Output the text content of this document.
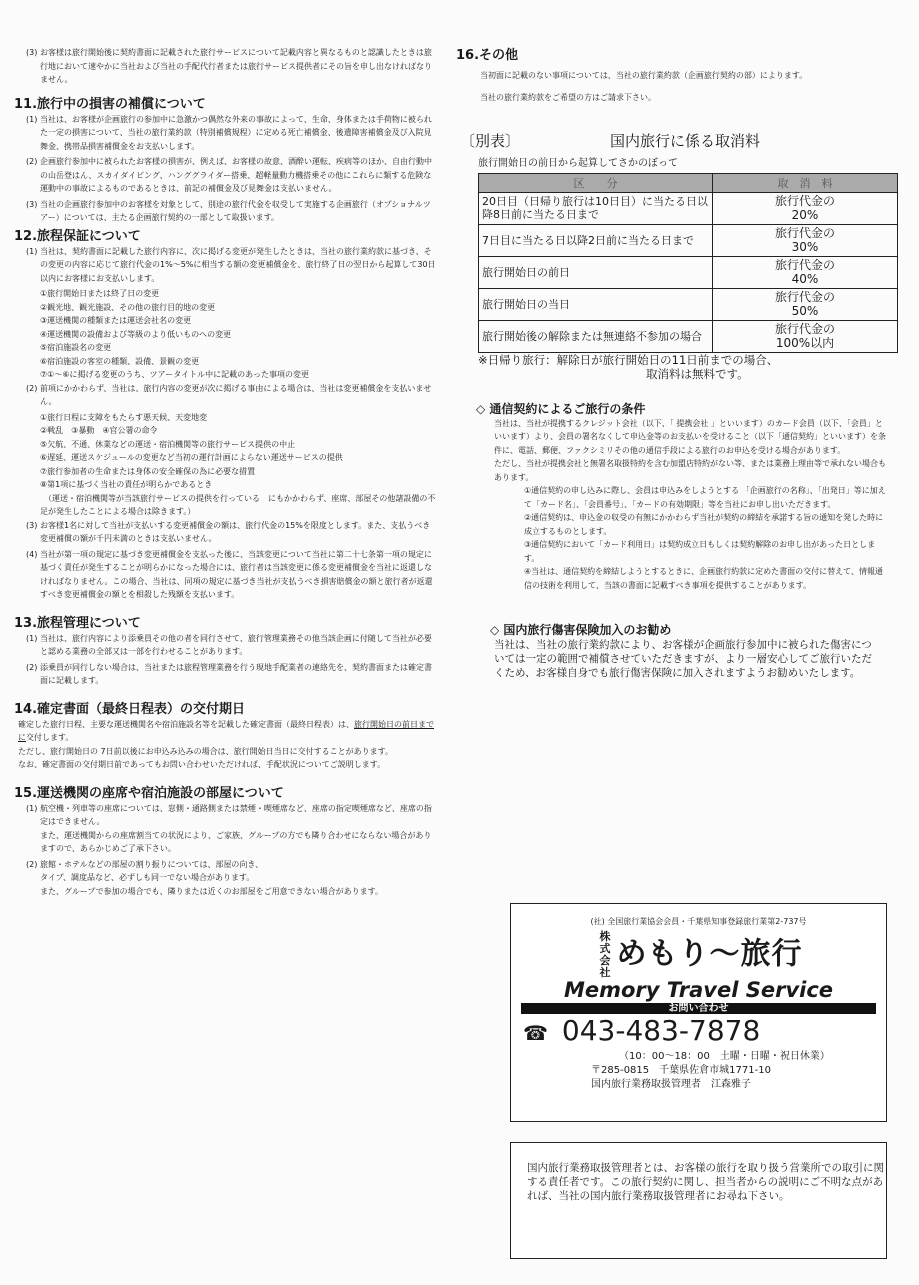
(3) お客様は旅行開始後に契約書面に記載された旅行サービスについて記載内容と異なるものと認識したときは旅行地において速やかに当社および当社の手配代行者または旅行サービス提供者にその旨を申し出なければなりません。
11.旅行中の損害の補償について
(1) 当社は、お客様が企画旅行の参加中に急激かつ偶然な外来の事故によって、生命、身体または手荷物に被られた一定の損害について、当社の旅行業約款（特別補償規程）に定める死亡補償金、後遺障害補償金及び入院見舞金、携帯品損害補償金をお支払いします。
(2) 企画旅行参加中に被られたお客様の損害が、例えば、お客様の故意、酒酔い運転、疾病等のほか、自由行動中の山岳登はん、スカイダイビング、ハンググライダー搭乗、超軽量動力機搭乗その他にこれらに類する危険な運動中の事故によるものであるときは、前記の補償金及び見舞金は支払いません。
(3) 当社の企画旅行参加中のお客様を対象として、別途の旅行代金を収受して実施する企画旅行（オプショナルツアー）については、主たる企画旅行契約の一部として取扱います。
12.旅程保証について
(1) 当社は、契約書面に記載した旅行内容に、次に掲げる変更が発生したときは、当社の旅行業約款に基づき、その変更の内容に応じて旅行代金の1%～5%に相当する額の変更補償金を、旅行終了日の翌日から起算して30日以内にお客様にお支払いします。
①旅行開始日または終了日の変更
②観光地、観光施設、その他の旅行目的地の変更
③運送機関の種類または運送会社名の変更
④運送機関の設備および等級のより低いものへの変更
⑤宿泊施設名の変更
⑥宿泊施設の客室の種類、設備、景観の変更
⑦①～⑥に掲げる変更のうち、ツアータイトル中に記載のあった事項の変更
(2) 前項にかかわらず、当社は、旅行内容の変更が次に掲げる事由による場合は、当社は変更補償金を支払いません。
①旅行日程に支障をもたらす悪天候、天変地変
②戦乱　③暴動　④官公署の命令
⑤欠航、不通、休業などの運送・宿泊機関等の旅行サービス提供の中止
⑥遅延、運送スケジュールの変更など当初の運行計画によらない運送サービスの提供
⑦旅行参加者の生命または身体の安全確保の為に必要な措置
⑧第1項に基づく当社の責任が明らかであるとき
　（運送・宿泊機関等が当該旅行サービスの提供を行っている　にもかかわらず、座席、部屋その他諸設備の不足が発生したことによる場合は除きます。）
(3) お客様1名に対して当社が支払いする変更補償金の額は、旅行代金の15%を限度とします。また、支払うべき変更補償の額が千円未満のときは支払いません。
(4) 当社が第一項の規定に基づき変更補償金を支払った後に、当該変更について当社に第二十七条第一項の規定に基づく責任が発生することが明らかになった場合には、旅行者は当該変更に係る変更補償金を当社に返還しなければなりません。この場合、当社は、同項の規定に基づき当社が支払うべき損害賠償金の額と旅行者が返還すべき変更補償金の額とを相殺した残額を支払います。
13.旅程管理について
(1) 当社は、旅行内容により添乗員その他の者を同行させて、旅行管理業務その他当該企画に付随して当社が必要と認める業務の全部又は一部を行わせることがあります。
(2) 添乗員が同行しない場合は、当社または旅程管理業務を行う現地手配業者の連絡先を、契約書面または確定書面に記載します。
14.確定書面（最終日程表）の交付期日
確定した旅行日程、主要な運送機関名や宿泊施設名等を記載した確定書面（最終日程表）は、旅行開始日の前日までに交付します。
ただし、旅行開始日の 7日前以後にお申込み込みの場合は、旅行開始日当日に交付することがあります。
なお、確定書面の交付期日前であってもお問い合わせいただければ、手配状況についてご説明します。
15.運送機関の座席や宿泊施設の部屋について
(1) 航空機・列車等の座席については、窓側・通路側または禁煙・喫煙席など、座席の指定喫煙席など、座席の指定はできません。
また、運送機関からの座席割当ての状況により、ご家族、グループの方でも隣り合わせにならない場合がありますので、あらかじめご了承下さい。
(2) 旅館・ホテルなどの部屋の割り振りについては、部屋の向き、
タイプ、調度品など、必ずしも同一でない場合があります。
また、グループで参加の場合でも、隣りまたは近くのお部屋をご用意できない場合があります。
16.その他
当初面に記載のない事項については、当社の旅行業約款（企画旅行契約の部）によります。
当社の旅行業約款をご希望の方はご請求下さい。
〔別表〕	国内旅行に係る取消料
旅行開始日の前日から起算してさかのぼって
区　　分	取　消　料
20日目（日帰り旅行は10日目）に当たる日以降8日前に当たる日まで	旅行代金の
20%
7日目に当たる日以降2日前に当たる日まで	旅行代金の
30%
旅行開始日の前日	旅行代金の
40%
旅行開始日の当日	旅行代金の
50%
旅行開始後の解除または無連絡不参加の場合	旅行代金の
100%以内
※日帰り旅行：解除日が旅行開始日の11日前までの場合、
取消料は無料です。
◇ 通信契約によるご旅行の条件
当社は、当社が提携するクレジット会社（以下、「 提携会社 」といいます）のカード会員（以下、「会員」といいます）より、会員の署名なくして申込金等のお支払いを受けること（以下「通信契約」といいます）を条件に、電話、郵便、ファクシミリその他の通信手段による旅行のお申込を受ける場合があります。
ただし、当社が提携会社と無署名取扱特約を含む加盟店特約がない等、または業務上理由等で承れない場合もあります。
①通信契約の申し込みに際し、会員は申込みをしようとする 「企画旅行の名称」、「出発日」等に加えて「カード名」、「会員番号」、「カードの有効期限」等を当社にお申し出いただきます。
②通信契約は、申込金の収受の有無にかかわらず当社が契約の締結を承諾する旨の通知を発した時に成立するものとします。
③通信契約において「カード利用日」は契約成立日もしくは契約解除のお申し出があった日とします。
④当社は、通信契約を締結しようとするときに、企画旅行約款に定めた書面の交付に替えて、情報通信の技術を利用して、当該の書面に記載すべき事項を提供することがあります。
◇ 国内旅行傷害保険加入のお勧め
当社は、当社の旅行業約款により、お客様が企画旅行参加中に被られた傷害については一定の範囲で補償させていただきますが、より一層安心してご旅行いただくため、お客様自身でも旅行傷害保険に加入されますようお勧めいたします。
(社) 全国旅行業協会会員・千葉県知事登録旅行業第2-737号
株式会社めもり～旅行
Memory Travel Service
お問い合わせ
☎ 043-483-7878
（10：00～18：00　土曜・日曜・祝日休業）
〒285-0815　千葉県佐倉市城1771-10
国内旅行業務取扱管理者　江森雅子
国内旅行業務取扱管理者とは、お客様の旅行を取り扱う営業所での取引に関する責任者です。この旅行契約に関し、担当者からの説明にご不明な点があれば、当社の国内旅行業務取扱管理者にお尋ね下さい。
